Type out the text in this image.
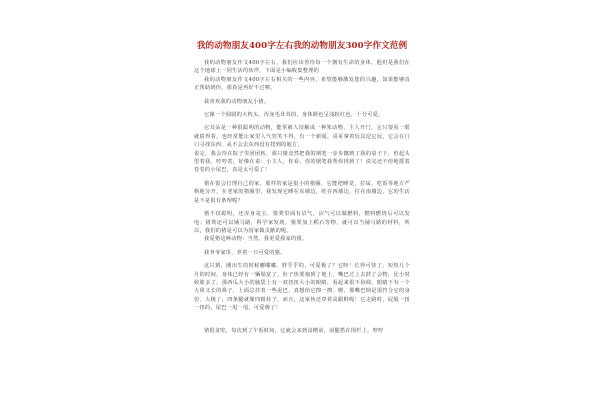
我的动物朋友400字左右我的动物朋友300字作文范例

我的动物朋友作文400字左右，我们应该善待每一个拥有生命的身体，他们是我们在这个地球上一同生活的伙伴。下面是小编收集整理的

我的动物朋友作文400字左右相关的一些内容，希望能够激发您的兴趣，如果能够真正帮助到你，那真是再好不过啦。

我喜欢我的动物朋友小猪。

它像一个圆圆的大枕头，浑身毛茸茸的，身体颜色呈浅粉红色，十分可爱。

它耳朵是一种很聪明的动物，能常被人误解成一种笨动物，主人开门，它只要看一眼就猜得着，也经常能让家里人气哭笑不得，有一个新闻，哥哥拿着玩具逗它玩，它会在门口寻找东西，从不会去东西没有找到的地方，

说完，我会待在院子里团团转，那只猪竟然把我的钢笔一步步挪到了我的桌子下，但起头望着我，哼哼着，好像在说：小主人，你看，你的钢笔我帮你找到了！说完还不停地摇着卷卷的小尾巴，真是太可爱了！

猪在很会打理自己的家，那样的家是很小的猪圈，它能把睡觉、拉屎、吃饭等地方严格地分开，在老家的猪圈里，我发现它睡在东墙边，吃在西墙边，拉在南墙边，它的生活是不是很有条理呢？

猪不仅聪明，还浑身是宝，猪粪里面有沼气，沼气可以做燃料，燃料燃烧后可以发电；猪粪还可以铺马路，科学家发现，猪粪加上稻石等物，就可以当铺马路的材料，所以，我们的猪是可以为国家做贡献的呢。

我爱猪这种动物：当然，我更爱我家的猪。

我爷爷家里，养着一只可爱的猪。

这只猪，刚出生的时候嘟嘟嘟、胖乎乎的，可爱极了？它呀！长得可快了，短短几个月的时间，身体已经有一辆塌宽了，肚子快要拖到了地上，嘴巴过上去鼓了会物，比小时候胀多了，那西瓜大小的脑袋上有一双扭扭大小的眼睛，看起来很不协调，眼睛下有一个大鼻又长的鼻子，上面总挂着一些泥巴，真想给它擦一擦。嗯，那嘴巴倒是很符合它的身份，大极了，四条腿就像四根柱子，而且，这家伙还穿着高跟鞋呢！它走路时，屁股一扭一扭的，尾巴一甩一甩，可爱极了！

猪很贪吃，每次到了午饭时间，它就会来到食槽前，前腿搭在围栏上，哼哼
